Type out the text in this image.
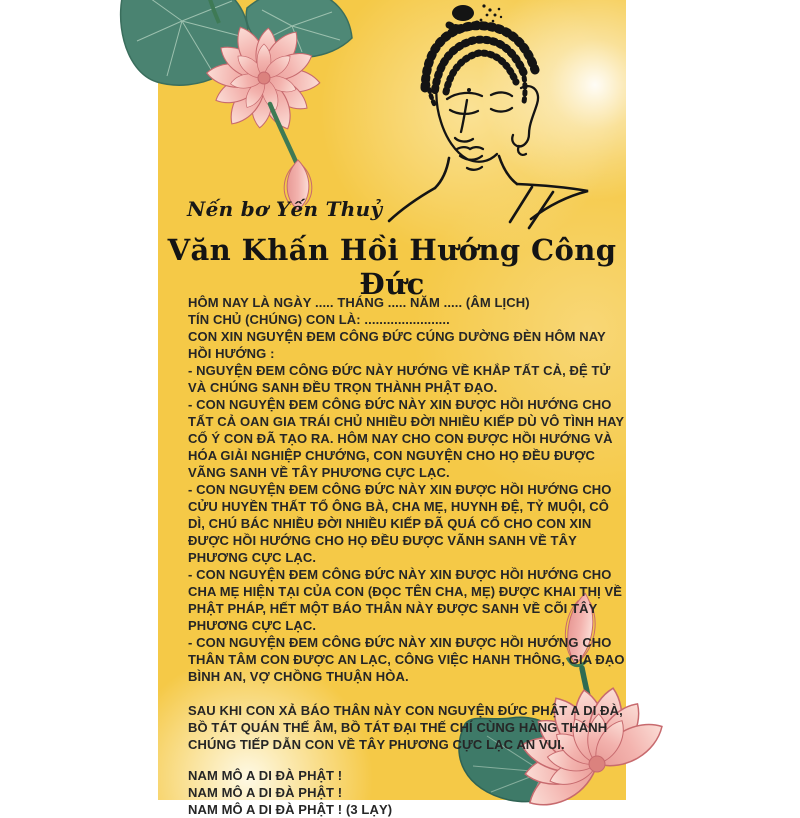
Nến bơ Yến Thuỷ
Văn Khấn Hồi Hướng Công Đức

HÔM NAY LÀ NGÀY ..... THÁNG ..... NĂM ..... (ÂM LỊCH)

TÍN CHỦ (CHÚNG) CON LÀ: .......................

CON XIN NGUYỆN ĐEM CÔNG ĐỨC CÚNG DƯỜNG ĐÈN HÔM NAY HỒI HƯỚNG :

- NGUYỆN ĐEM CÔNG ĐỨC NÀY HƯỚNG VỀ KHẮP TẤT CẢ, ĐỆ TỬ VÀ CHÚNG SANH ĐỀU TRỌN THÀNH PHẬT ĐẠO.

- CON NGUYỆN ĐEM CÔNG ĐỨC NÀY XIN ĐƯỢC HỒI HƯỚNG CHO TẤT CẢ OAN GIA TRÁI CHỦ NHIỀU ĐỜI NHIỀU KIẾP DÙ VÔ TÌNH HAY CỐ Ý CON ĐÃ TẠO RA. HÔM NAY CHO CON ĐƯỢC HỒI HƯỚNG VÀ HÓA GIẢI NGHIỆP CHƯỚNG, CON NGUYỆN CHO HỌ ĐỀU ĐƯỢC VÃNG SANH VỀ TÂY PHƯƠNG CỰC LẠC.

- CON NGUYỆN ĐEM CÔNG ĐỨC NÀY XIN ĐƯỢC HỒI HƯỚNG CHO CỬU HUYỀN THẤT TỔ ÔNG BÀ, CHA MẸ, HUYNH ĐỆ, TỶ MUỘI, CÔ DÌ, CHÚ BÁC NHIỀU ĐỜI NHIỀU KIẾP ĐÃ QUÁ CỐ CHO CON XIN ĐƯỢC HỒI HƯỚNG CHO HỌ ĐỀU ĐƯỢC VÃNH SANH VỀ TÂY PHƯƠNG CỰC LẠC.

- CON NGUYỆN ĐEM CÔNG ĐỨC NÀY XIN ĐƯỢC HỒI HƯỚNG CHO CHA MẸ HIỆN TẠI CỦA CON (ĐỌC TÊN CHA, MẸ) ĐƯỢC KHAI THỊ VỀ PHẬT PHÁP, HẾT MỘT BÁO THÂN NÀY ĐƯỢC SANH VỀ CÕI TÂY PHƯƠNG CỰC LẠC.

- CON NGUYỆN ĐEM CÔNG ĐỨC NÀY XIN ĐƯỢC HỒI HƯỚNG CHO THÂN TÂM CON ĐƯỢC AN LẠC, CÔNG VIỆC HANH THÔNG, GIA ĐẠO BÌNH AN, VỢ CHỒNG THUẬN HÒA.

SAU KHI CON XẢ BÁO THÂN NÀY CON NGUYỆN ĐỨC PHẬT A DI ĐÀ, BỒ TÁT QUÁN THẾ ÂM, BỒ TÁT ĐẠI THẾ CHÍ CÙNG HÀNG THÁNH CHÚNG TIẾP DẪN CON VỀ TÂY PHƯƠNG CỰC LẠC AN VUI.

NAM MÔ A DI ĐÀ PHẬT !

NAM MÔ A DI ĐÀ PHẬT !

NAM MÔ A DI ĐÀ PHẬT ! (3 LẠY)
